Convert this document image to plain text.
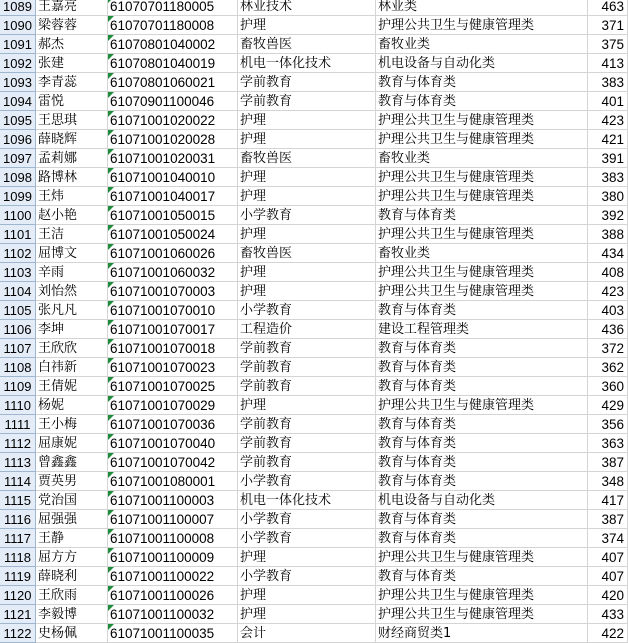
1089 王嘉亮	61070701180005	林业技术	林业类	463
1090 梁蓉蓉	61070701180008	护理	护理公共卫生与健康管理类	371
1091 郝杰	61070801040002	畜牧兽医	畜牧业类	375
1092 张建	61070801040019	机电一体化技术	机电设备与自动化类	413
1093 李青蕊	61070801060021	学前教育	教育与体育类	383
1094 雷悦	61070901100046	学前教育	教育与体育类	401
1095 王思琪	61071001020022	护理	护理公共卫生与健康管理类	423
1096 薛晓辉	61071001020028	护理	护理公共卫生与健康管理类	421
1097 孟莉娜	61071001020031	畜牧兽医	畜牧业类	391
1098 路博林	61071001040010	护理	护理公共卫生与健康管理类	383
1099 王炜	61071001040017	护理	护理公共卫生与健康管理类	380
1100 赵小艳	61071001050015	小学教育	教育与体育类	392
1101 王洁	61071001050024	护理	护理公共卫生与健康管理类	388
1102 屈博文	61071001060026	畜牧兽医	畜牧业类	434
1103 辛雨	61071001060032	护理	护理公共卫生与健康管理类	408
1104 刘怡然	61071001070003	护理	护理公共卫生与健康管理类	423
1105 张凡凡	61071001070010	小学教育	教育与体育类	403
1106 李坤	61071001070017	工程造价	建设工程管理类	436
1107 王欣欣	61071001070018	学前教育	教育与体育类	372
1108 白祎新	61071001070023	学前教育	教育与体育类	362
1109 王倩妮	61071001070025	学前教育	教育与体育类	360
1110 杨妮	61071001070029	护理	护理公共卫生与健康管理类	429
1111 王小梅	61071001070036	学前教育	教育与体育类	356
1112 屈康妮	61071001070040	学前教育	教育与体育类	363
1113 曾鑫鑫	61071001070042	学前教育	教育与体育类	387
1114 贾英男	61071001080001	小学教育	教育与体育类	348
1115 党治国	61071001100003	机电一体化技术	机电设备与自动化类	417
1116 屈强强	61071001100007	小学教育	教育与体育类	387
1117 王静	61071001100008	小学教育	教育与体育类	374
1118 屈方方	61071001100009	护理	护理公共卫生与健康管理类	407
1119 薛晓利	61071001100022	小学教育	教育与体育类	407
1120 王欣雨	61071001100026	护理	护理公共卫生与健康管理类	420
1121 李毅博	61071001100032	护理	护理公共卫生与健康管理类	433
1122 史杨佩	61071001100035	会计	财经商贸类1	422
